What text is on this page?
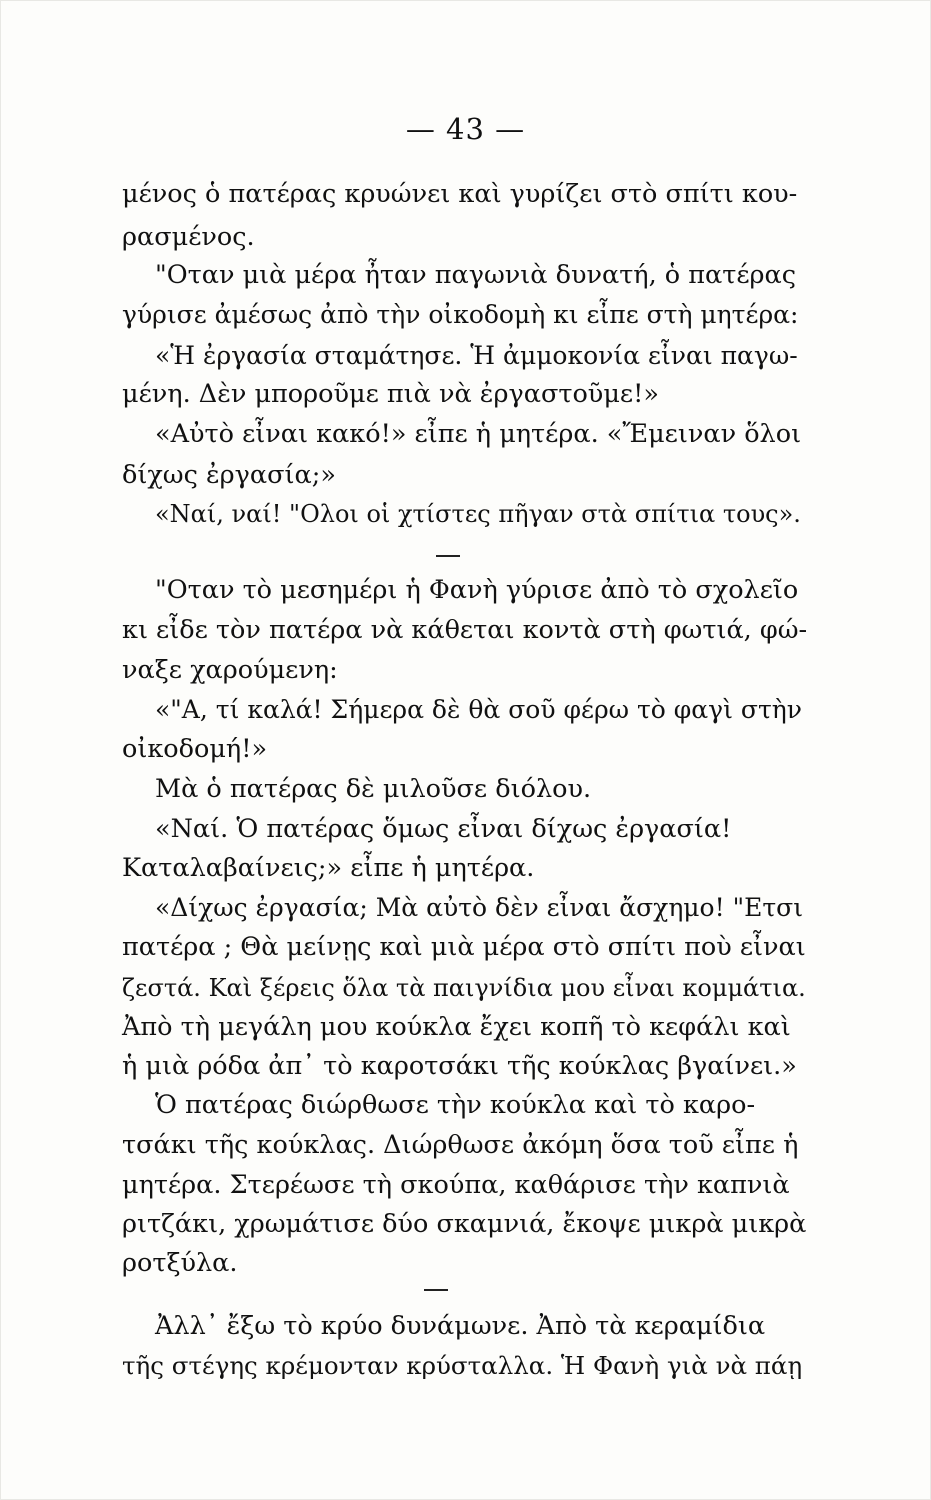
— 43 —
μένος ὁ πατέρας κρυώνει καὶ γυρίζει στὸ σπίτι κου-
ρασμένος.
"Οταν μιὰ μέρα ἦταν παγωνιὰ δυνατή, ὁ πατέρας
γύρισε ἀμέσως ἀπὸ τὴν οἰκοδομὴ κι εἶπε στὴ μητέρα:
«Ἡ ἐργασία σταμάτησε. Ἡ ἀμμοκονία εἶναι παγω-
μένη. Δὲν μποροῦμε πιὰ νὰ ἐργαστοῦμε!»
«Αὐτὸ εἶναι κακό!» εἶπε ἡ μητέρα. «Ἔμειναν ὅλοι
δίχως ἐργασία;»
«Ναί, ναί! "Ολοι οἱ χτίστες πῆγαν στὰ σπίτια τους».
"Οταν τὸ μεσημέρι ἡ Φανὴ γύρισε ἀπὸ τὸ σχολεῖο
κι εἶδε τὸν πατέρα νὰ κάθεται κοντὰ στὴ φωτιά, φώ-
ναξε χαρούμενη:
«"Α, τί καλά! Σήμερα δὲ θὰ σοῦ φέρω τὸ φαγὶ στὴν
οἰκοδομή!»
Μὰ ὁ πατέρας δὲ μιλοῦσε διόλου.
«Ναί. Ὁ πατέρας ὅμως εἶναι δίχως ἐργασία!
Καταλαβαίνεις;» εἶπε ἡ μητέρα.
«Δίχως ἐργασία; Μὰ αὐτὸ δὲν εἶναι ἄσχημο! "Ετσι
πατέρα ; Θὰ μείνῃς καὶ μιὰ μέρα στὸ σπίτι ποὺ εἶναι
ζεστά. Καὶ ξέρεις ὅλα τὰ παιγνίδια μου εἶναι κομμάτια.
Ἀπὸ τὴ μεγάλη μου κούκλα ἔχει κοπῆ τὸ κεφάλι καὶ
ἡ μιὰ ρόδα ἀπ᾽ τὸ καροτσάκι τῆς κούκλας βγαίνει.»
Ὁ πατέρας διώρθωσε τὴν κούκλα καὶ τὸ καρο-
τσάκι τῆς κούκλας. Διώρθωσε ἀκόμη ὅσα τοῦ εἶπε ἡ
μητέρα. Στερέωσε τὴ σκούπα, καθάρισε τὴν καπνιὰ
ριτζάκι, χρωμάτισε δύο σκαμνιά, ἔκοψε μικρὰ μικρὰ
ροτξύλα.
Ἀλλ᾽ ἔξω τὸ κρύο δυνάμωνε. Ἀπὸ τὰ κεραμίδια
τῆς στέγης κρέμονταν κρύσταλλα. Ἡ Φανὴ γιὰ νὰ πάῃ
